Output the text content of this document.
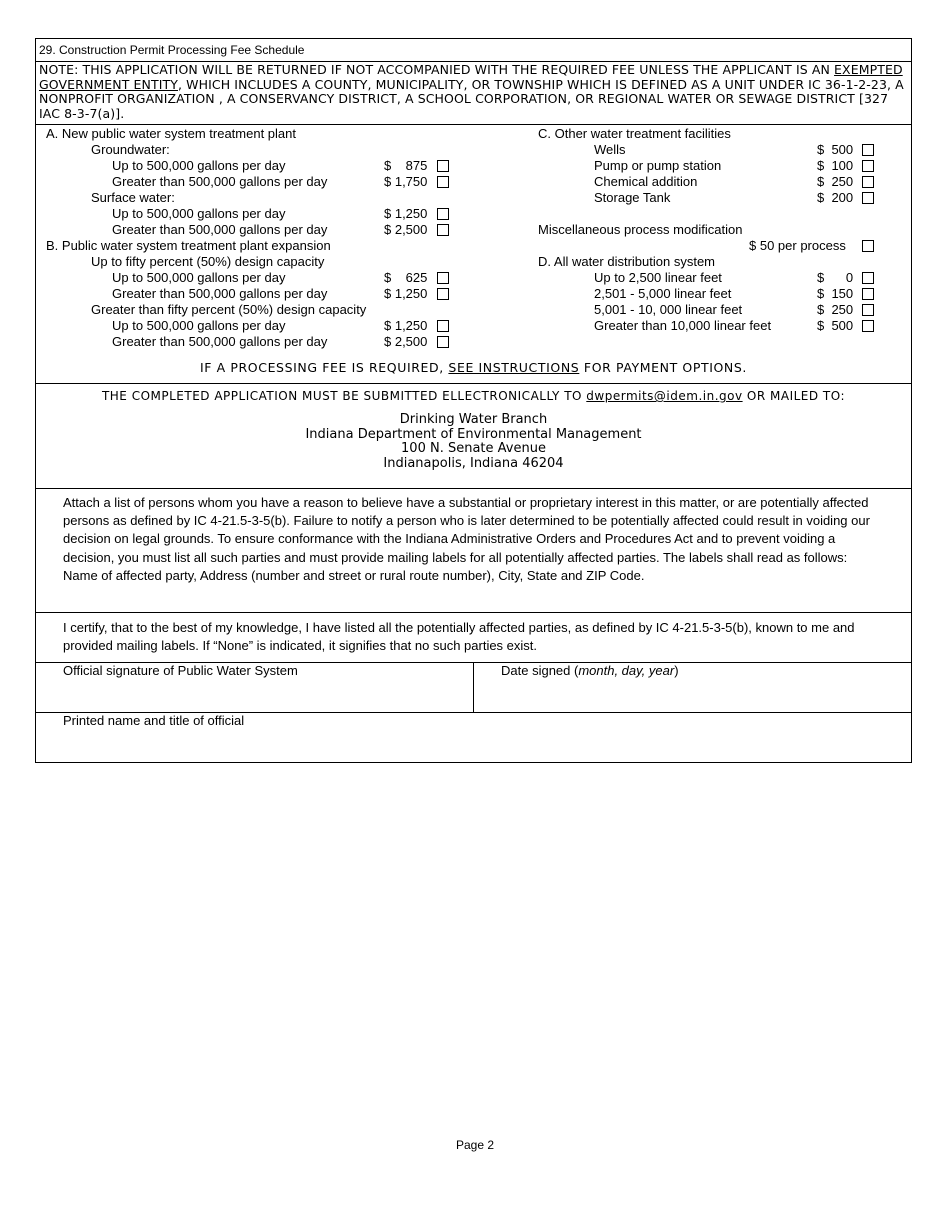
29. Construction Permit Processing Fee Schedule
NOTE: THIS APPLICATION WILL BE RETURNED IF NOT ACCOMPANIED WITH THE REQUIRED FEE UNLESS THE APPLICANT IS AN EXEMPTED GOVERNMENT ENTITY, WHICH INCLUDES A COUNTY, MUNICIPALITY, OR TOWNSHIP WHICH IS DEFINED AS A UNIT UNDER IC 36-1-2-23, A NONPROFIT ORGANIZATION , A CONSERVANCY DISTRICT, A SCHOOL CORPORATION, OR REGIONAL WATER OR SEWAGE DISTRICT [327 IAC 8-3-7(a)].
A. New public water system treatment plant
Groundwater:
Up to 500,000 gallons per day	$    875
Greater than 500,000 gallons per day	$ 1,750
Surface water:
Up to 500,000 gallons per day	$ 1,250
Greater than 500,000 gallons per day	$ 2,500
B. Public water system treatment plant expansion
Up to fifty percent (50%) design capacity
Up to 500,000 gallons per day	$    625
Greater than 500,000 gallons per day	$ 1,250
Greater than fifty percent (50%) design capacity
Up to 500,000 gallons per day	$ 1,250
Greater than 500,000 gallons per day	$ 2,500
C. Other water treatment facilities
Wells	$  500
Pump or pump station	$  100
Chemical addition	$  250
Storage Tank	$  200
Miscellaneous process modification
$ 50 per process
D. All water distribution system
Up to 2,500 linear feet	$      0
2,501 - 5,000 linear feet	$  150
5,001 - 10, 000 linear feet	$  250
Greater than 10,000 linear feet	$  500
IF A PROCESSING FEE IS REQUIRED, SEE INSTRUCTIONS FOR PAYMENT OPTIONS.
THE COMPLETED APPLICATION MUST BE SUBMITTED ELLECTRONICALLY TO dwpermits@idem.in.gov OR MAILED TO:
Drinking Water Branch
Indiana Department of Environmental Management
100 N. Senate Avenue
Indianapolis, Indiana 46204
Attach a list of persons whom you have a reason to believe have a substantial or proprietary interest in this matter, or are potentially affected persons as defined by IC 4-21.5-3-5(b). Failure to notify a person who is later determined to be potentially affected could result in voiding our decision on legal grounds. To ensure conformance with the Indiana Administrative Orders and Procedures Act and to prevent voiding a decision, you must list all such parties and must provide mailing labels for all potentially affected parties. The labels shall read as follows: Name of affected party, Address (number and street or rural route number), City, State and ZIP Code.
I certify, that to the best of my knowledge, I have listed all the potentially affected parties, as defined by IC 4-21.5-3-5(b), known to me and provided mailing labels. If “None” is indicated, it signifies that no such parties exist.
Official signature of Public Water System	Date signed (month, day, year)
Printed name and title of official
Page 2
